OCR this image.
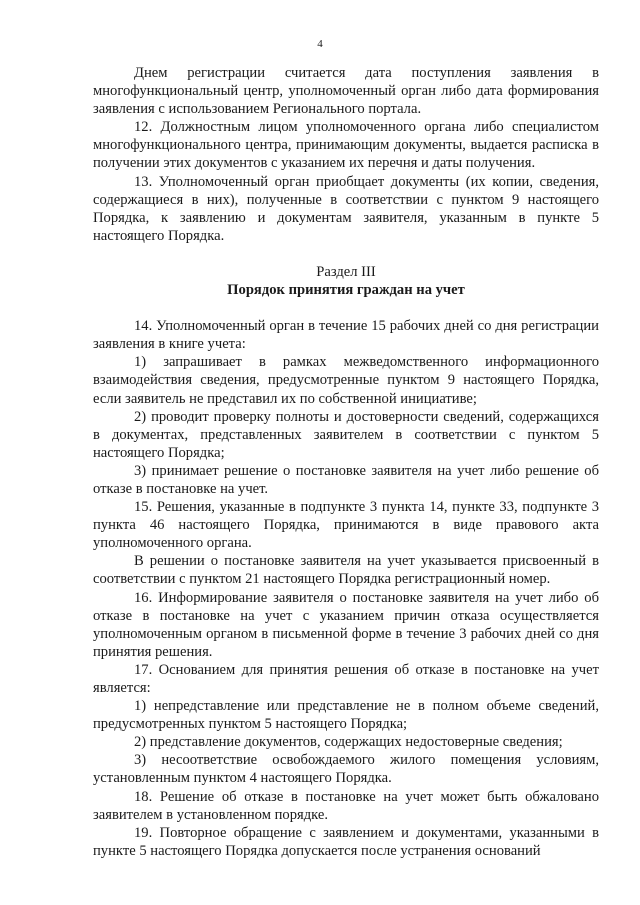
4

Днем регистрации считается дата поступления заявления в многофункциональный центр, уполномоченный орган либо дата формирования заявления с использованием Регионального портала.

12. Должностным лицом уполномоченного органа либо специалистом многофункционального центра, принимающим документы, выдается расписка в получении этих документов с указанием их перечня и даты получения.

13. Уполномоченный орган приобщает документы (их копии, сведения, содержащиеся в них), полученные в соответствии с пунктом 9 настоящего Порядка, к заявлению и документам заявителя, указанным в пункте 5 настоящего Порядка.

Раздел III
Порядок принятия граждан на учет

14. Уполномоченный орган в течение 15 рабочих дней со дня регистрации заявления в книге учета:

1) запрашивает в рамках межведомственного информационного взаимодействия сведения, предусмотренные пунктом 9 настоящего Порядка, если заявитель не представил их по собственной инициативе;

2) проводит проверку полноты и достоверности сведений, содержащихся в документах, представленных заявителем в соответствии с пунктом 5 настоящего Порядка;

3) принимает решение о постановке заявителя на учет либо решение об отказе в постановке на учет.

15. Решения, указанные в подпункте 3 пункта 14, пункте 33, подпункте 3 пункта 46 настоящего Порядка, принимаются в виде правового акта уполномоченного органа.

В решении о постановке заявителя на учет указывается присвоенный в соответствии с пунктом 21 настоящего Порядка регистрационный номер.

16. Информирование заявителя о постановке заявителя на учет либо об отказе в постановке на учет с указанием причин отказа осуществляется уполномоченным органом в письменной форме в течение 3 рабочих дней со дня принятия решения.

17. Основанием для принятия решения об отказе в постановке на учет является:

1) непредставление или представление не в полном объеме сведений, предусмотренных пунктом 5 настоящего Порядка;

2) представление документов, содержащих недостоверные сведения;

3) несоответствие освобождаемого жилого помещения условиям, установленным пунктом 4 настоящего Порядка.

18. Решение об отказе в постановке на учет может быть обжаловано заявителем в установленном порядке.

19. Повторное обращение с заявлением и документами, указанными в пункте 5 настоящего Порядка допускается после устранения оснований
